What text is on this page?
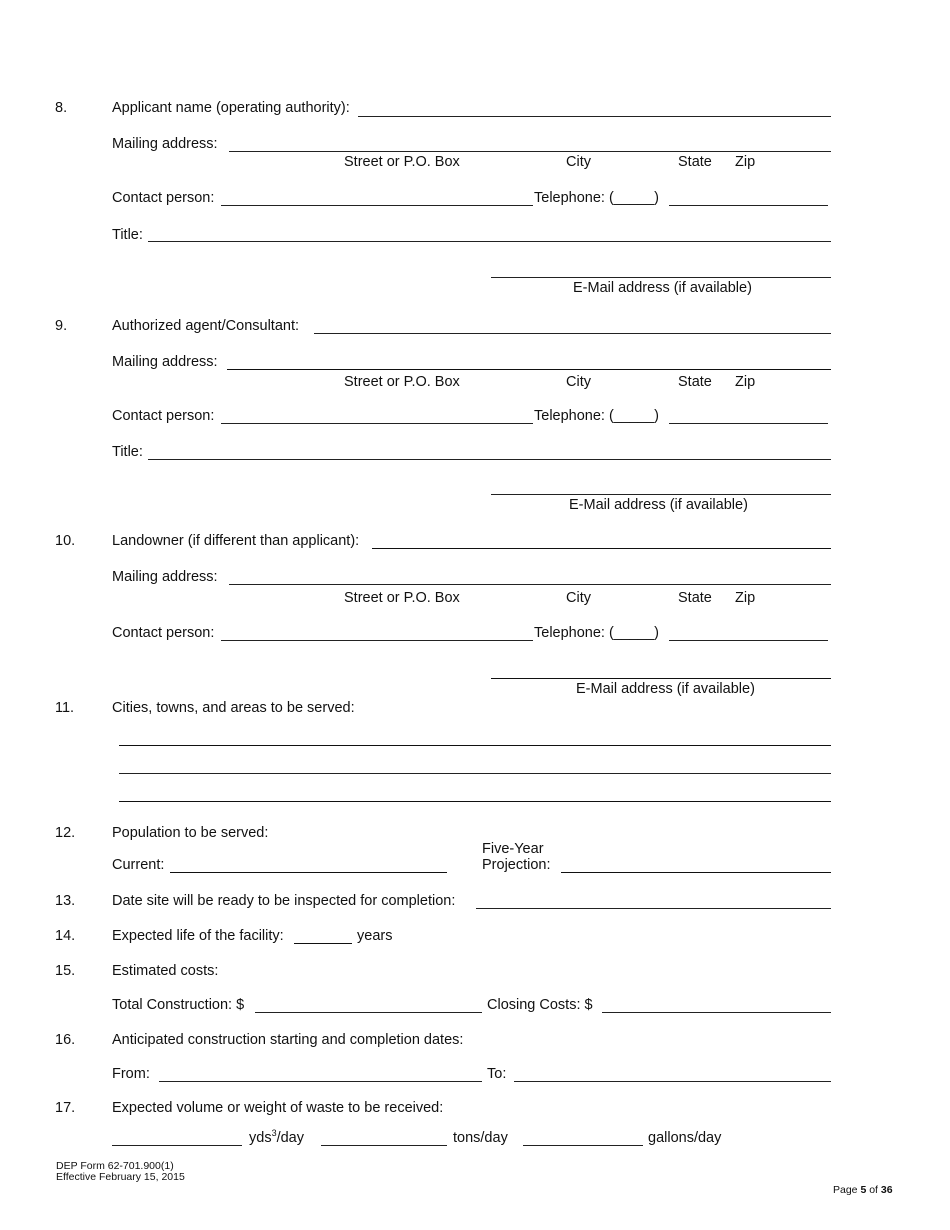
8.	Applicant name (operating authority):
Mailing address:
Street or P.O. Box	City	State Zip
Contact person:	Telephone: (_____)
Title:
E-Mail address (if available)
9.	Authorized agent/Consultant:
Mailing address:
Street or P.O. Box	City	State Zip
Contact person:	Telephone: (_____)
Title:
E-Mail address (if available)
10.	Landowner (if different than applicant):
Mailing address:
Street or P.O. Box	City	State Zip
Contact person:	Telephone: (_____)
E-Mail address (if available)
11.	Cities, towns, and areas to be served:
12.	Population to be served:
Current:
Five-Year
Projection:
13.	Date site will be ready to be inspected for completion:
14.	Expected life of the facility:	years
15.	Estimated costs:
Total Construction: $	Closing Costs: $
16.	Anticipated construction starting and completion dates:
From:	To:
17.	Expected volume or weight of waste to be received:
yds$^3$/day	tons/day	gallons/day
DEP Form 62-701.900(1)
Effective February 15, 2015
Page 5 of 36
